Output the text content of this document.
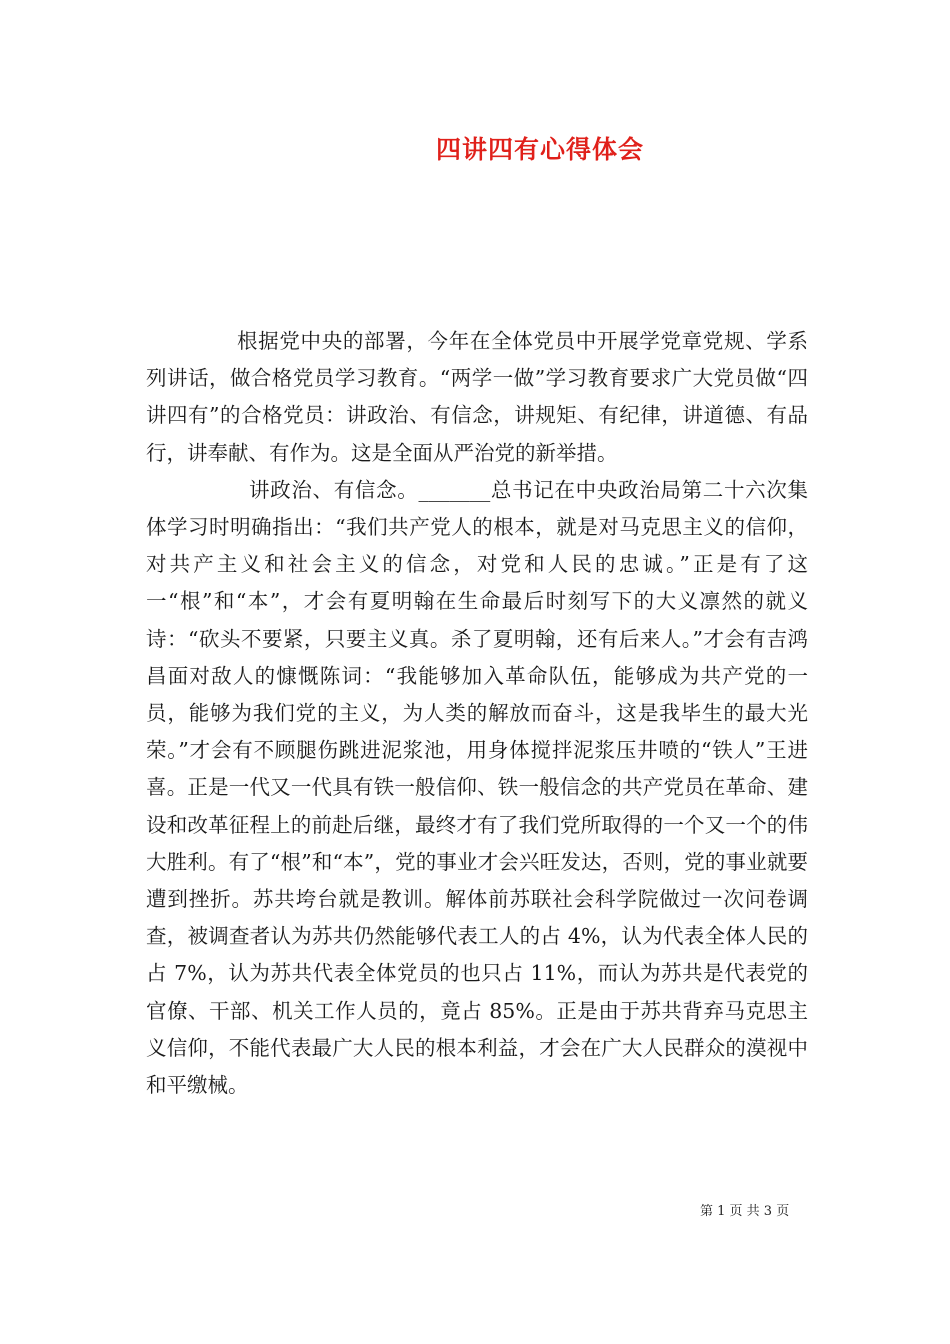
四讲四有心得体会

根据党中央的部署，今年在全体党员中开展学党章党规、学系列讲话，做合格党员学习教育。“两学一做”学习教育要求广大党员做“四讲四有”的合格党员：讲政治、有信念，讲规矩、有纪律，讲道德、有品行，讲奉献、有作为。这是全面从严治党的新举措。

讲政治、有信念。_______总书记在中央政治局第二十六次集体学习时明确指出：“我们共产党人的根本，就是对马克思主义的信仰，对共产主义和社会主义的信念，对党和人民的忠诚。”正是有了这一“根”和“本”，才会有夏明翰在生命最后时刻写下的大义凛然的就义诗：“砍头不要紧，只要主义真。杀了夏明翰，还有后来人。”才会有吉鸿昌面对敌人的慷慨陈词：“我能够加入革命队伍，能够成为共产党的一员，能够为我们党的主义，为人类的解放而奋斗，这是我毕生的最大光荣。”才会有不顾腿伤跳进泥浆池，用身体搅拌泥浆压井喷的“铁人”王进喜。正是一代又一代具有铁一般信仰、铁一般信念的共产党员在革命、建设和改革征程上的前赴后继，最终才有了我们党所取得的一个又一个的伟大胜利。有了“根”和“本”，党的事业才会兴旺发达，否则，党的事业就要遭到挫折。苏共垮台就是教训。解体前苏联社会科学院做过一次问卷调查，被调查者认为苏共仍然能够代表工人的占 4%，认为代表全体人民的占 7%，认为苏共代表全体党员的也只占 11%，而认为苏共是代表党的官僚、干部、机关工作人员的，竟占 85%。正是由于苏共背弃马克思主义信仰，不能代表最广大人民的根本利益，才会在广大人民群众的漠视中和平缴械。

第 1 页 共 3 页
